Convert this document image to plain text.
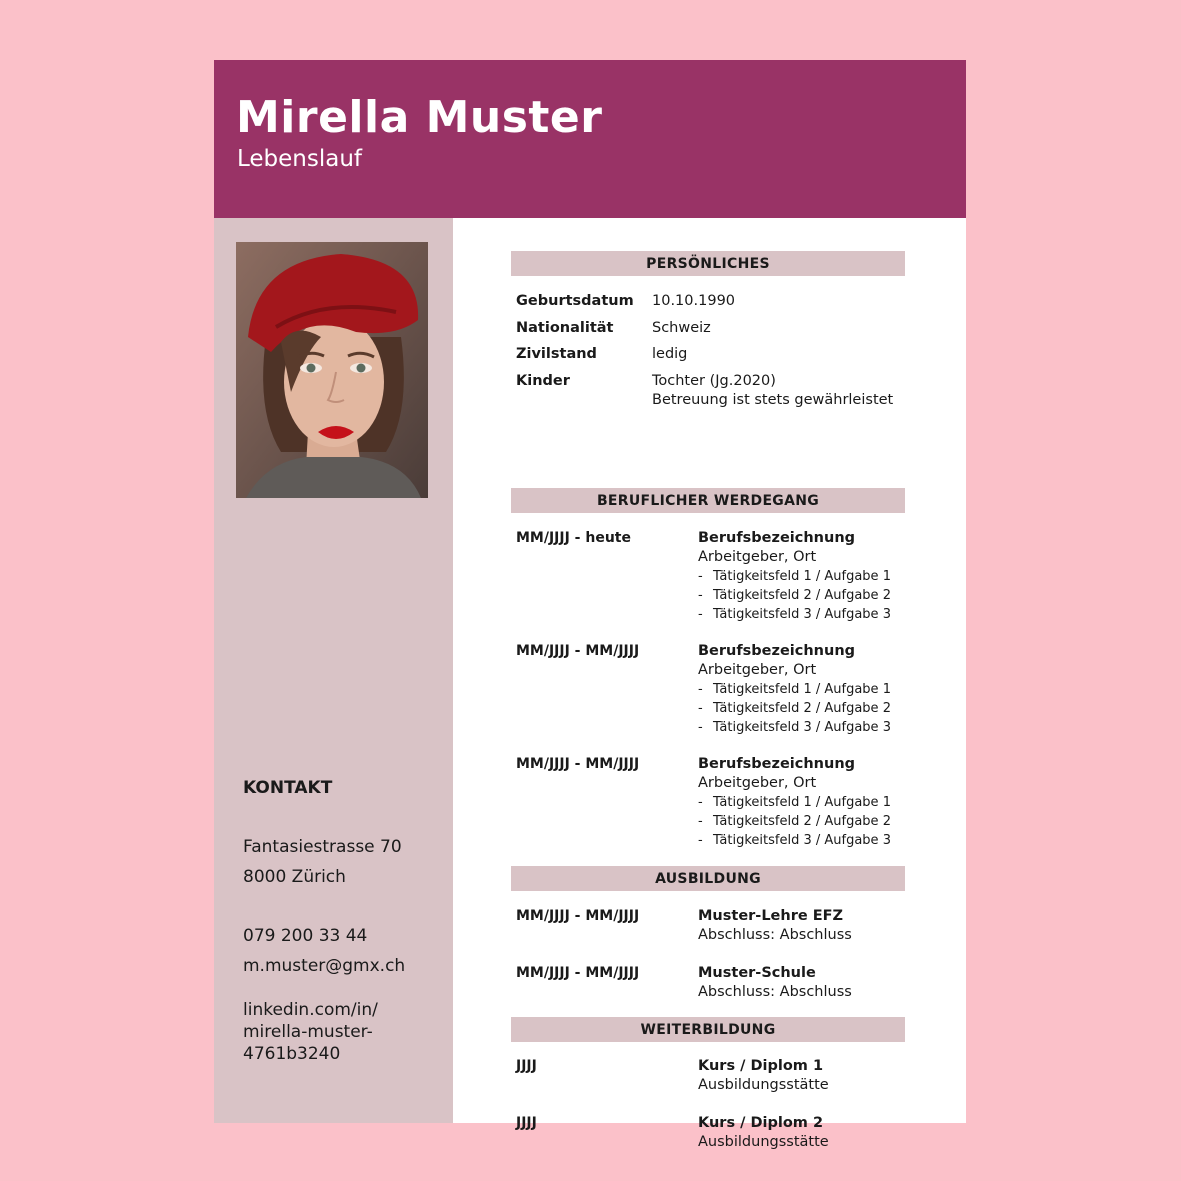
Mirella Muster
Lebenslauf
KONTAKT
Fantasiestrasse 70
8000 Zürich
079 200 33 44
m.muster@gmx.ch
linkedin.com/in/
mirella-muster-
4761b3240
PERSÖNLICHES
Geburtsdatum 10.10.1990
Nationalität	Schweiz
Zivilstand	ledig
Kinder	Tochter (Jg.2020)
Betreuung ist stets gewährleistet
BERUFLICHER WERDEGANG
MM/JJJJ - heute	Berufsbezeichnung
Arbeitgeber, Ort
- Tätigkeitsfeld 1 / Aufgabe 1
- Tätigkeitsfeld 2 / Aufgabe 2
- Tätigkeitsfeld 3 / Aufgabe 3
MM/JJJJ - MM/JJJJ	Berufsbezeichnung
Arbeitgeber, Ort
- Tätigkeitsfeld 1 / Aufgabe 1
- Tätigkeitsfeld 2 / Aufgabe 2
- Tätigkeitsfeld 3 / Aufgabe 3
MM/JJJJ - MM/JJJJ	Berufsbezeichnung
Arbeitgeber, Ort
- Tätigkeitsfeld 1 / Aufgabe 1
- Tätigkeitsfeld 2 / Aufgabe 2
- Tätigkeitsfeld 3 / Aufgabe 3
AUSBILDUNG
MM/JJJJ - MM/JJJJ	Muster-Lehre EFZ
Abschluss: Abschluss
MM/JJJJ - MM/JJJJ	Muster-Schule
Abschluss: Abschluss
WEITERBILDUNG
JJJJ	Kurs / Diplom 1
Ausbildungsstätte
JJJJ	Kurs / Diplom 2
Ausbildungsstätte
